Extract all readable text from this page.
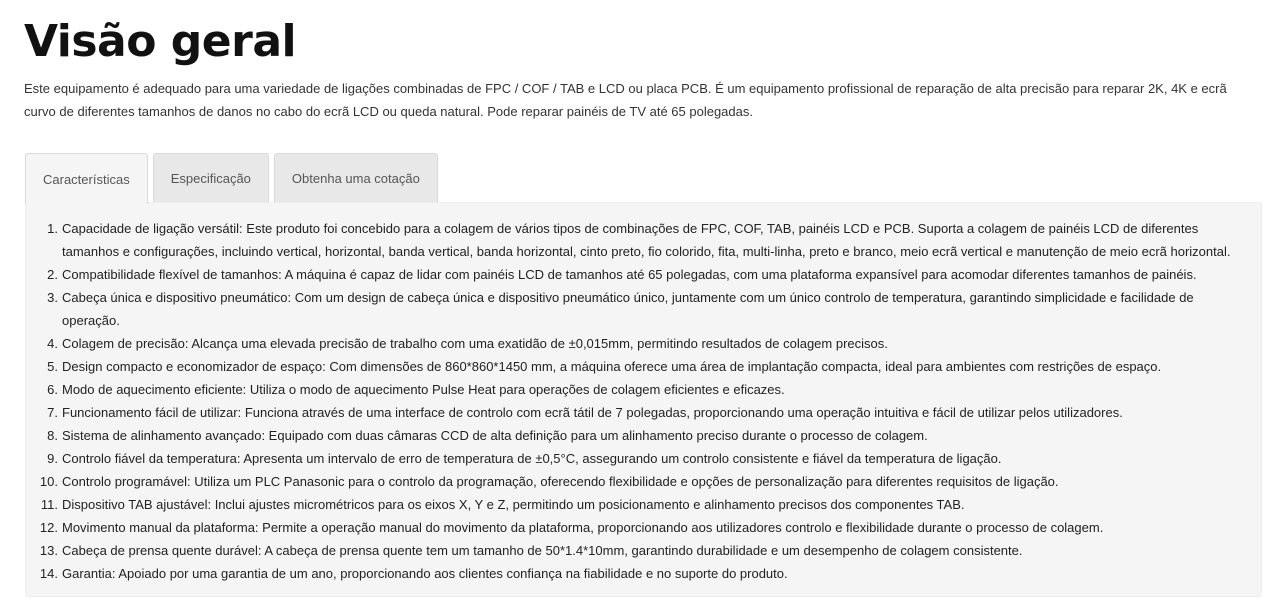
Visão geral

Este equipamento é adequado para uma variedade de ligações combinadas de FPC / COF / TAB e LCD ou placa PCB. É um equipamento profissional de reparação de alta precisão para reparar 2K, 4K e ecrã curvo de diferentes tamanhos de danos no cabo do ecrã LCD ou queda natural. Pode reparar painéis de TV até 65 polegadas.

Características	Especificação	Obtenha uma cotação
1. Capacidade de ligação versátil: Este produto foi concebido para a colagem de vários tipos de combinações de FPC, COF, TAB, painéis LCD e PCB. Suporta a colagem de painéis LCD de diferentes tamanhos e configurações, incluindo vertical, horizontal, banda vertical, banda horizontal, cinto preto, fio colorido, fita, multi-linha, preto e branco, meio ecrã vertical e manutenção de meio ecrã horizontal.
2. Compatibilidade flexível de tamanhos: A máquina é capaz de lidar com painéis LCD de tamanhos até 65 polegadas, com uma plataforma expansível para acomodar diferentes tamanhos de painéis.
3. Cabeça única e dispositivo pneumático: Com um design de cabeça única e dispositivo pneumático único, juntamente com um único controlo de temperatura, garantindo simplicidade e facilidade de operação.
4. Colagem de precisão: Alcança uma elevada precisão de trabalho com uma exatidão de ±0,015mm, permitindo resultados de colagem precisos.
5. Design compacto e economizador de espaço: Com dimensões de 860*860*1450 mm, a máquina oferece uma área de implantação compacta, ideal para ambientes com restrições de espaço.
6. Modo de aquecimento eficiente: Utiliza o modo de aquecimento Pulse Heat para operações de colagem eficientes e eficazes.
7. Funcionamento fácil de utilizar: Funciona através de uma interface de controlo com ecrã tátil de 7 polegadas, proporcionando uma operação intuitiva e fácil de utilizar pelos utilizadores.
8. Sistema de alinhamento avançado: Equipado com duas câmaras CCD de alta definição para um alinhamento preciso durante o processo de colagem.
9. Controlo fiável da temperatura: Apresenta um intervalo de erro de temperatura de ±0,5°C, assegurando um controlo consistente e fiável da temperatura de ligação.
10. Controlo programável: Utiliza um PLC Panasonic para o controlo da programação, oferecendo flexibilidade e opções de personalização para diferentes requisitos de ligação.
11. Dispositivo TAB ajustável: Inclui ajustes micrométricos para os eixos X, Y e Z, permitindo um posicionamento e alinhamento precisos dos componentes TAB.
12. Movimento manual da plataforma: Permite a operação manual do movimento da plataforma, proporcionando aos utilizadores controlo e flexibilidade durante o processo de colagem.
13. Cabeça de prensa quente durável: A cabeça de prensa quente tem um tamanho de 50*1.4*10mm, garantindo durabilidade e um desempenho de colagem consistente.
14. Garantia: Apoiado por uma garantia de um ano, proporcionando aos clientes confiança na fiabilidade e no suporte do produto.
